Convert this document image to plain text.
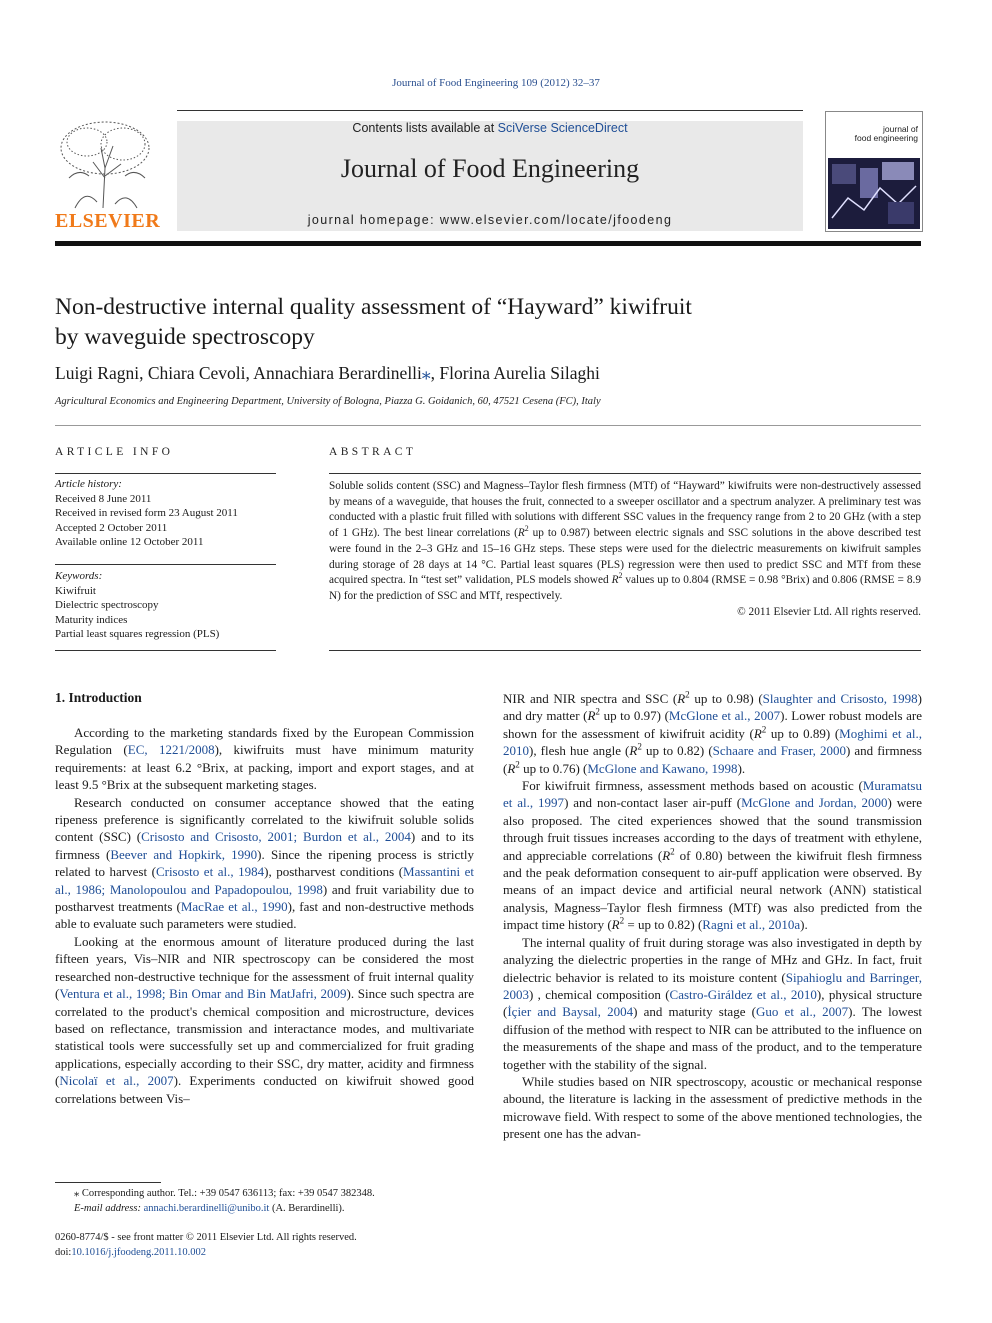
Journal of Food Engineering 109 (2012) 32–37
ELSEVIER
Contents lists available at SciVerse ScienceDirect
Journal of Food Engineering
journal homepage: www.elsevier.com/locate/jfoodeng
journal of
food engineering
Non-destructive internal quality assessment of “Hayward” kiwifruit
by waveguide spectroscopy
Luigi Ragni, Chiara Cevoli, Annachiara Berardinelli⁎, Florina Aurelia Silaghi
Agricultural Economics and Engineering Department, University of Bologna, Piazza G. Goidanich, 60, 47521 Cesena (FC), Italy
ARTICLE INFO	ABSTRACT
Article history:
Received 8 June 2011
Received in revised form 23 August 2011
Accepted 2 October 2011
Available online 12 October 2011
Keywords:
Kiwifruit
Dielectric spectroscopy
Maturity indices
Partial least squares regression (PLS)
Soluble solids content (SSC) and Magness–Taylor flesh firmness (MTf) of “Hayward” kiwifruits were non-destructively assessed by means of a waveguide, that houses the fruit, connected to a sweeper oscillator and a spectrum analyzer. A preliminary test was conducted with a plastic fruit filled with solutions with different SSC values in the frequency range from 2 to 20 GHz (with a step of 1 GHz). The best linear correlations ($R^2$ up to 0.987) between electric signals and SSC solutions in the above described test were found in the 2–3 GHz and 15–16 GHz steps. These steps were used for the dielectric measurements on kiwifruit samples during storage of 28 days at 14 °C. Partial least squares (PLS) regression were then used to predict SSC and MTf from these acquired spectra. In “test set” validation, PLS models showed $R^2$ values up to 0.804 (RMSE = 0.98 °Brix) and 0.806 (RMSE = 8.9 N) for the prediction of SSC and MTf, respectively.
© 2011 Elsevier Ltd. All rights reserved.
1. Introduction

According to the marketing standards fixed by the European Commission Regulation (EC, 1221/2008), kiwifruits must have minimum maturity requirements: at least 6.2 °Brix, at packing, import and export stages, and at least 9.5 °Brix at the subsequent marketing stages.

Research conducted on consumer acceptance showed that the eating ripeness preference is significantly correlated to the kiwifruit soluble solids content (SSC) (Crisosto and Crisosto, 2001; Burdon et al., 2004) and to its firmness (Beever and Hopkirk, 1990). Since the ripening process is strictly related to harvest (Crisosto et al., 1984), postharvest conditions (Massantini et al., 1986; Manolopoulou and Papadopoulou, 1998) and fruit variability due to postharvest treatments (MacRae et al., 1990), fast and non-destructive methods able to evaluate such parameters were studied.

Looking at the enormous amount of literature produced during the last fifteen years, Vis–NIR and NIR spectroscopy can be considered the most researched non-destructive technique for the assessment of fruit internal quality (Ventura et al., 1998; Bin Omar and Bin MatJafri, 2009). Since such spectra are correlated to the product's chemical composition and microstructure, devices based on reflectance, transmission and interactance modes, and multivariate statistical tools were successfully set up and commercialized for fruit grading applications, especially according to their SSC, dry matter, acidity and firmness (Nicolaï et al., 2007). Experiments conducted on kiwifruit showed good correlations between Vis–

NIR and NIR spectra and SSC ($R^2$ up to 0.98) (Slaughter and Crisosto, 1998) and dry matter ($R^2$ up to 0.97) (McGlone et al., 2007). Lower robust models are shown for the assessment of kiwifruit acidity ($R^2$ up to 0.89) (Moghimi et al., 2010), flesh hue angle ($R^2$ up to 0.82) (Schaare and Fraser, 2000) and firmness ($R^2$ up to 0.76) (McGlone and Kawano, 1998).

For kiwifruit firmness, assessment methods based on acoustic (Muramatsu et al., 1997) and non-contact laser air-puff (McGlone and Jordan, 2000) were also proposed. The cited experiences showed that the sound transmission through fruit tissues increases according to the days of treatment with ethylene, and appreciable correlations ($R^2$ of 0.80) between the kiwifruit flesh firmness and the peak deformation consequent to air-puff application were observed. By means of an impact device and artificial neural network (ANN) statistical analysis, Magness–Taylor flesh firmness (MTf) was also predicted from the impact time history ($R^2$ = up to 0.82) (Ragni et al., 2010a).

The internal quality of fruit during storage was also investigated in depth by analyzing the dielectric properties in the range of MHz and GHz. In fact, fruit dielectric behavior is related to its moisture content (Sipahioglu and Barringer, 2003) , chemical composition (Castro-Giráldez et al., 2010), physical structure (İçier and Baysal, 2004) and maturity stage (Guo et al., 2007). The lowest diffusion of the method with respect to NIR can be attributed to the influence on the measurements of the shape and mass of the product, and to the temperature together with the stability of the signal.

While studies based on NIR spectroscopy, acoustic or mechanical response abound, the literature is lacking in the assessment of predictive methods in the microwave field. With respect to some of the above mentioned technologies, the present one has the advan-

⁎ Corresponding author. Tel.: +39 0547 636113; fax: +39 0547 382348.
E-mail address: annachi.berardinelli@unibo.it (A. Berardinelli).
0260-8774/$ - see front matter © 2011 Elsevier Ltd. All rights reserved.
doi:10.1016/j.jfoodeng.2011.10.002
